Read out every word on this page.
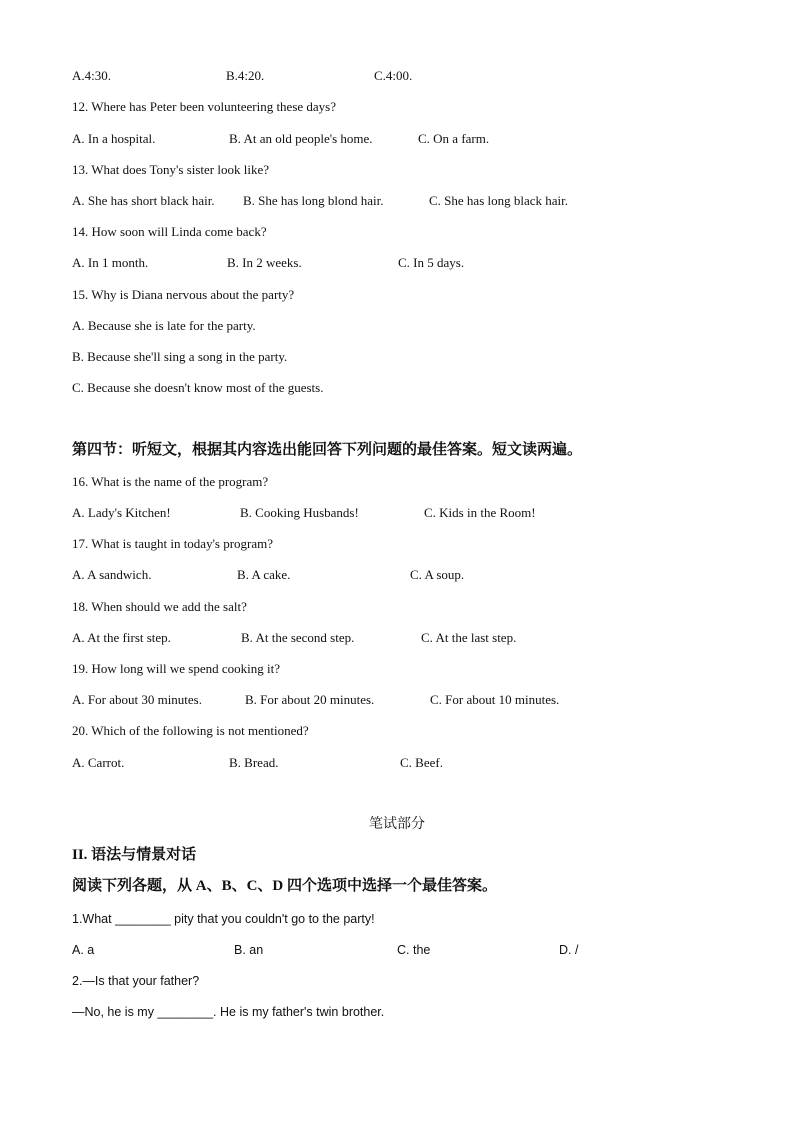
A.4:30.	B.4:20.	C.4:00.
12. Where has Peter been volunteering these days?
A. In a hospital.	B. At an old people's home.	C. On a farm.
13. What does Tony's sister look like?
A. She has short black hair. B. She has long blond hair.	C. She has long black hair.
14. How soon will Linda come back?
A. In 1 month.	B. In 2 weeks.	C. In 5 days.
15. Why is Diana nervous about the party?
A. Because she is late for the party.
B. Because she'll sing a song in the party.
C. Because she doesn't know most of the guests.
第四节：听短文，根据其内容选出能回答下列问题的最佳答案。短文读两遍。
16. What is the name of the program?
A. Lady's Kitchen!	B. Cooking Husbands!	C. Kids in the Room!
17. What is taught in today's program?
A. A sandwich.	B. A cake.	C. A soup.
18. When should we add the salt?
A. At the first step.	B. At the second step.	C. At the last step.
19. How long will we spend cooking it?
A. For about 30 minutes.	B. For about 20 minutes.	C. For about 10 minutes.
20. Which of the following is not mentioned?
A. Carrot.	B. Bread.	C. Beef.
笔试部分
II. 语法与情景对话
阅读下列各题，从 A、B、C、D 四个选项中选择一个最佳答案。
1.What ________ pity that you couldn't go to the party!
A. a	B. an	C. the	D. /
2.—Is that your father?
—No, he is my ________. He is my father's twin brother.
